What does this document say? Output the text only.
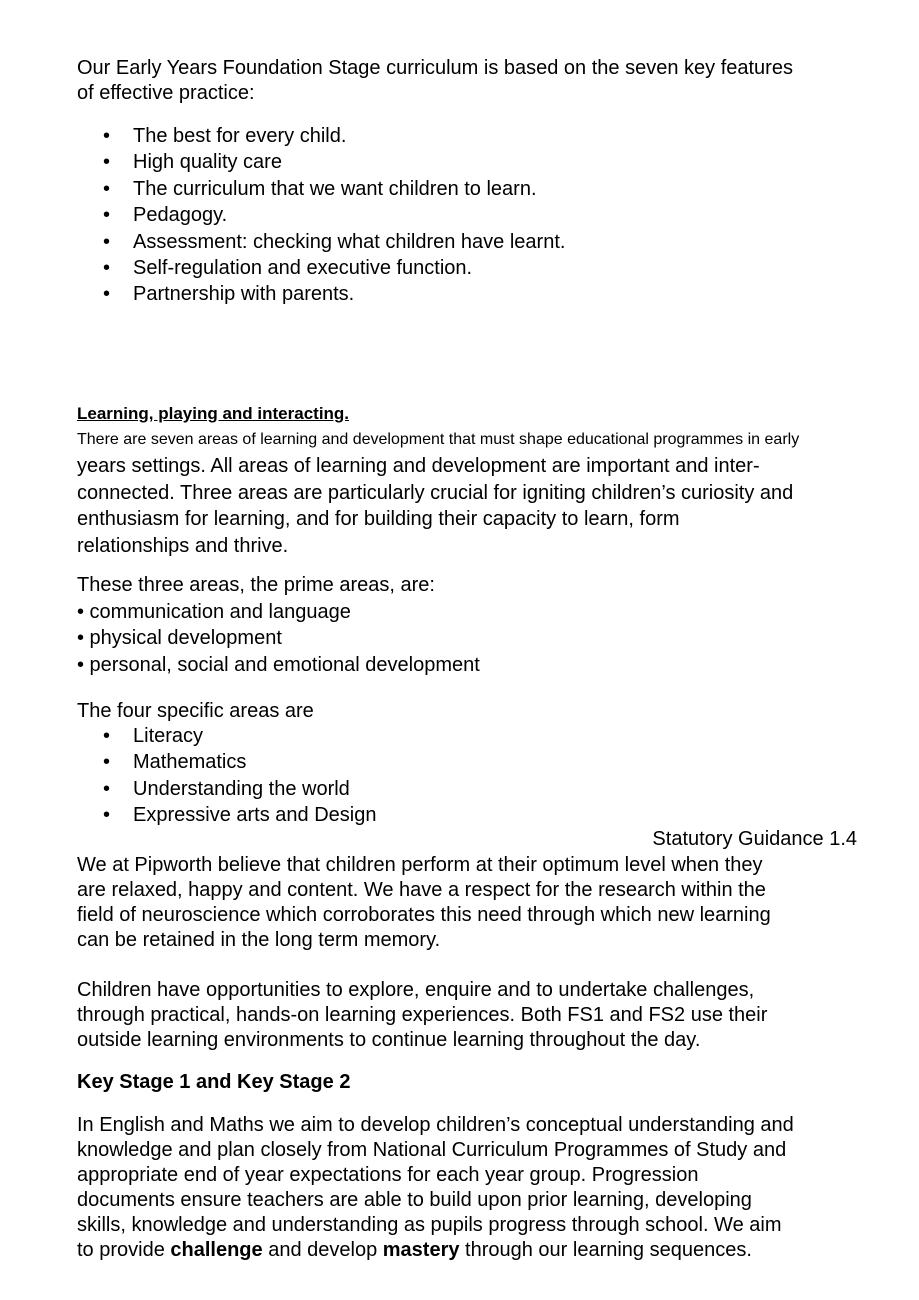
Our Early Years Foundation Stage curriculum is based on the seven key features
of effective practice:

• The best for every child.
• High quality care
• The curriculum that we want children to learn.
• Pedagogy.
• Assessment: checking what children have learnt.
• Self-regulation and executive function.
• Partnership with parents.
Learning, playing and interacting.
There are seven areas of learning and development that must shape educational programmes in early

years settings. All areas of learning and development are important and inter-
connected. Three areas are particularly crucial for igniting children’s curiosity and
enthusiasm for learning, and for building their capacity to learn, form
relationships and thrive.

These three areas, the prime areas, are:
• communication and language
• physical development
• personal, social and emotional development

The four specific areas are
• Literacy
• Mathematics
• Understanding the world
• Expressive arts and Design
Statutory Guidance 1.4

We at Pipworth believe that children perform at their optimum level when they
are relaxed, happy and content. We have a respect for the research within the
field of neuroscience which corroborates this need through which new learning
can be retained in the long term memory.

Children have opportunities to explore, enquire and to undertake challenges,
through practical, hands-on learning experiences. Both FS1 and FS2 use their
outside learning environments to continue learning throughout the day.

Key Stage 1 and Key Stage 2

In English and Maths we aim to develop children’s conceptual understanding and
knowledge and plan closely from National Curriculum Programmes of Study and
appropriate end of year expectations for each year group. Progression
documents ensure teachers are able to build upon prior learning, developing
skills, knowledge and understanding as pupils progress through school. We aim
to provide challenge and develop mastery through our learning sequences.
